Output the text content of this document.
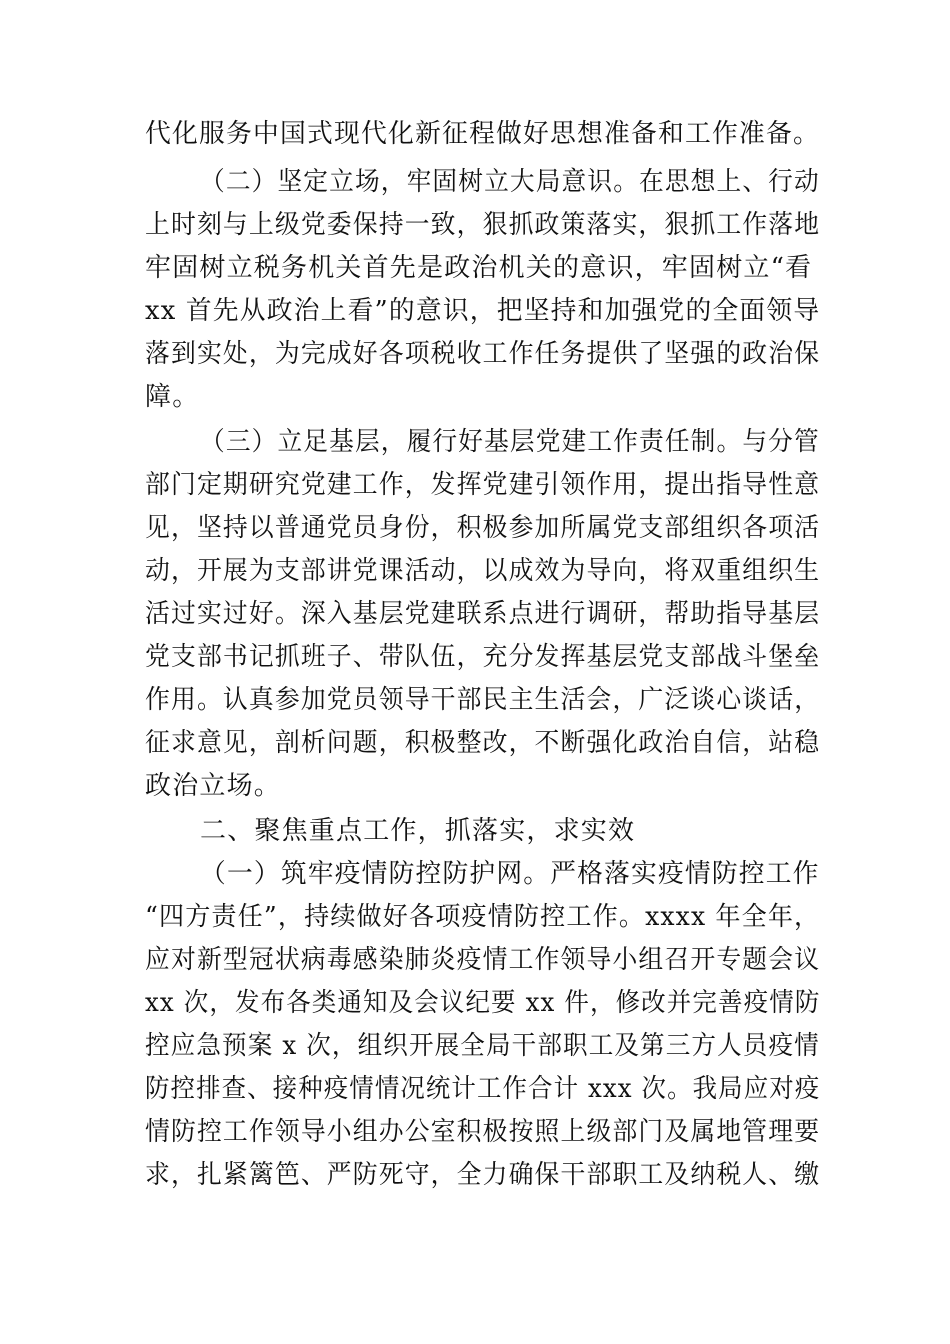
代化服务中国式现代化新征程做好思想准备和工作准备。
（二）坚定立场，牢固树立大局意识。在思想上、行动
上时刻与上级党委保持一致，狠抓政策落实，狠抓工作落地
牢固树立税务机关首先是政治机关的意识，牢固树立“看
xx 首先从政治上看”的意识，把坚持和加强党的全面领导
落到实处，为完成好各项税收工作任务提供了坚强的政治保
障。
（三）立足基层，履行好基层党建工作责任制。与分管
部门定期研究党建工作，发挥党建引领作用，提出指导性意
见，坚持以普通党员身份，积极参加所属党支部组织各项活
动，开展为支部讲党课活动，以成效为导向，将双重组织生
活过实过好。深入基层党建联系点进行调研，帮助指导基层
党支部书记抓班子、带队伍，充分发挥基层党支部战斗堡垒
作用。认真参加党员领导干部民主生活会，广泛谈心谈话，
征求意见，剖析问题，积极整改，不断强化政治自信，站稳
政治立场。
二、聚焦重点工作，抓落实，求实效
（一）筑牢疫情防控防护网。严格落实疫情防控工作
“四方责任”，持续做好各项疫情防控工作。xxxx 年全年，
应对新型冠状病毒感染肺炎疫情工作领导小组召开专题会议
xx 次，发布各类通知及会议纪要 xx 件，修改并完善疫情防
控应急预案 x 次，组织开展全局干部职工及第三方人员疫情
防控排查、接种疫情情况统计工作合计 xxx 次。我局应对疫
情防控工作领导小组办公室积极按照上级部门及属地管理要
求，扎紧篱笆、严防死守，全力确保干部职工及纳税人、缴
